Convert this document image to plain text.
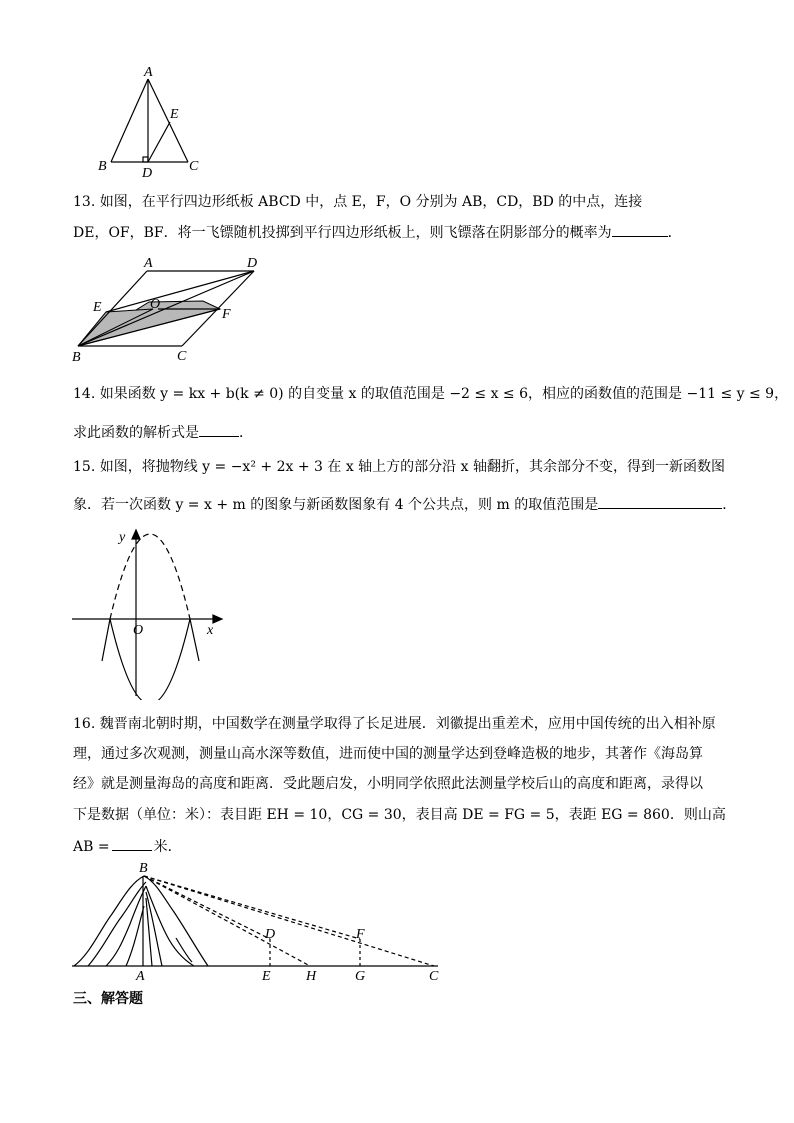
A
B	C
D
E
13. 如图，在平行四边形纸板 ABCD 中，点 E，F，O 分别为 AB，CD，BD 的中点，连接
DE，OF，BF．将一飞镖随机投掷到平行四边形纸板上，则飞镖落在阴影部分的概率为	．
A	D
E	O
F
B	C
14. 如果函数 y = kx + b(k ≠ 0) 的自变量 x 的取值范围是 −2 ≤ x ≤ 6，相应的函数值的范围是 −11 ≤ y ≤ 9，
求此函数的解析式是	．
15. 如图，将抛物线 y = −x² + 2x + 3 在 x 轴上方的部分沿 x 轴翻折，其余部分不变，得到一新函数图
象．若一次函数 y = x + m 的图象与新函数图象有 4 个公共点，则 m 的取值范围是	．
y
x
O
16. 魏晋南北朝时期，中国数学在测量学取得了长足进展．刘徽提出重差术，应用中国传统的出入相补原
理，通过多次观测，测量山高水深等数值，进而使中国的测量学达到登峰造极的地步，其著作《海岛算
经》就是测量海岛的高度和距离．受此题启发，小明同学依照此法测量学校后山的高度和距离，录得以
下是数据（单位：米）：表目距 EH = 10，CG = 30，表目高 DE = FG = 5，表距 EG = 860．则山高
AB =	米．
B
A
D
E	H
F
G	C
三、解答题
